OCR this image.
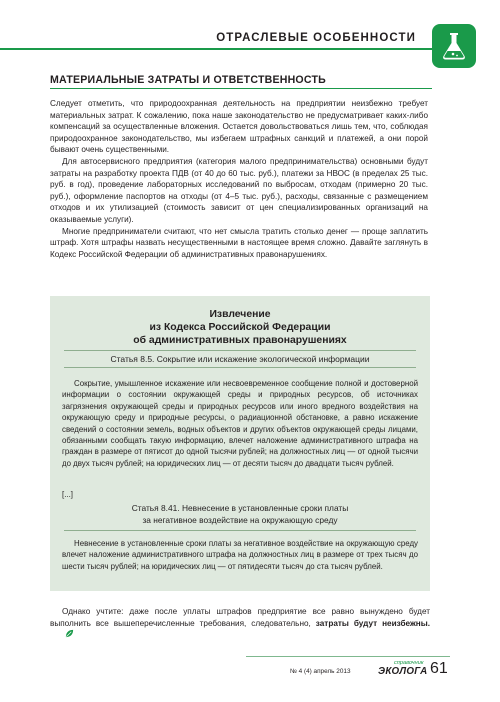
ОТРАСЛЕВЫЕ ОСОБЕННОСТИ
МАТЕРИАЛЬНЫЕ ЗАТРАТЫ И ОТВЕТСТВЕННОСТЬ

Следует отметить, что природоохранная деятельность на предприятии неизбежно требует материальных затрат. К сожалению, пока наше законодательство не предусматривает каких-либо компенсаций за осуществленные вложения. Остается довольствоваться лишь тем, что, соблюдая природоохранное законодательство, мы избегаем штрафных санкций и платежей, а они порой бывают очень существенными.

Для автосервисного предприятия (категория малого предпринимательства) основными будут затраты на разработку проекта ПДВ (от 40 до 60 тыс. руб.), платежи за НВОС (в пределах 25 тыс. руб. в год), проведение лабораторных исследований по выбросам, отходам (примерно 20 тыс. руб.), оформление паспортов на отходы (от 4–5 тыс. руб.), расходы, связанные с размещением отходов и их утилизацией (стоимость зависит от цен специализированных организаций на оказываемые услуги).

Многие предприниматели считают, что нет смысла тратить столько денег — проще заплатить штраф. Хотя штрафы назвать несущественными в настоящее время сложно. Давайте заглянуть в Кодекс Российской Федерации об административных правонарушениях.

Извлечение
из Кодекса Российской Федерации
об административных правонарушениях
Статья 8.5. Сокрытие или искажение экологической информации

Сокрытие, умышленное искажение или несвоевременное сообщение полной и достоверной информации о состоянии окружающей среды и природных ресурсов, об источниках загрязнения окружающей среды и природных ресурсов или иного вредного воздействия на окружающую среду и природные ресурсы, о радиационной обстановке, а равно искажение сведений о состоянии земель, водных объектов и других объектов окружающей среды лицами, обязанными сообщать такую информацию, влечет наложение административного штрафа на граждан в размере от пятисот до одной тысячи рублей; на должностных лиц — от одной тысячи до двух тысяч рублей; на юридических лиц — от десяти тысяч до двадцати тысяч рублей.

[...]
Статья 8.41. Невнесение в установленные сроки платы
за негативное воздействие на окружающую среду

Невнесение в установленные сроки платы за негативное воздействие на окружающую среду влечет наложение административного штрафа на должностных лиц в размере от трех тысяч до шести тысяч рублей; на юридических лиц — от пятидесяти тысяч до ста тысяч рублей.

Однако учтите: даже после уплаты штрафов предприятие все равно вынуждено будет выполнить все вышеперечисленные требования, следовательно, затраты будут неизбежны.

№ 4 (4) апрель 2013
справочник
ЭКОЛОГА 61
